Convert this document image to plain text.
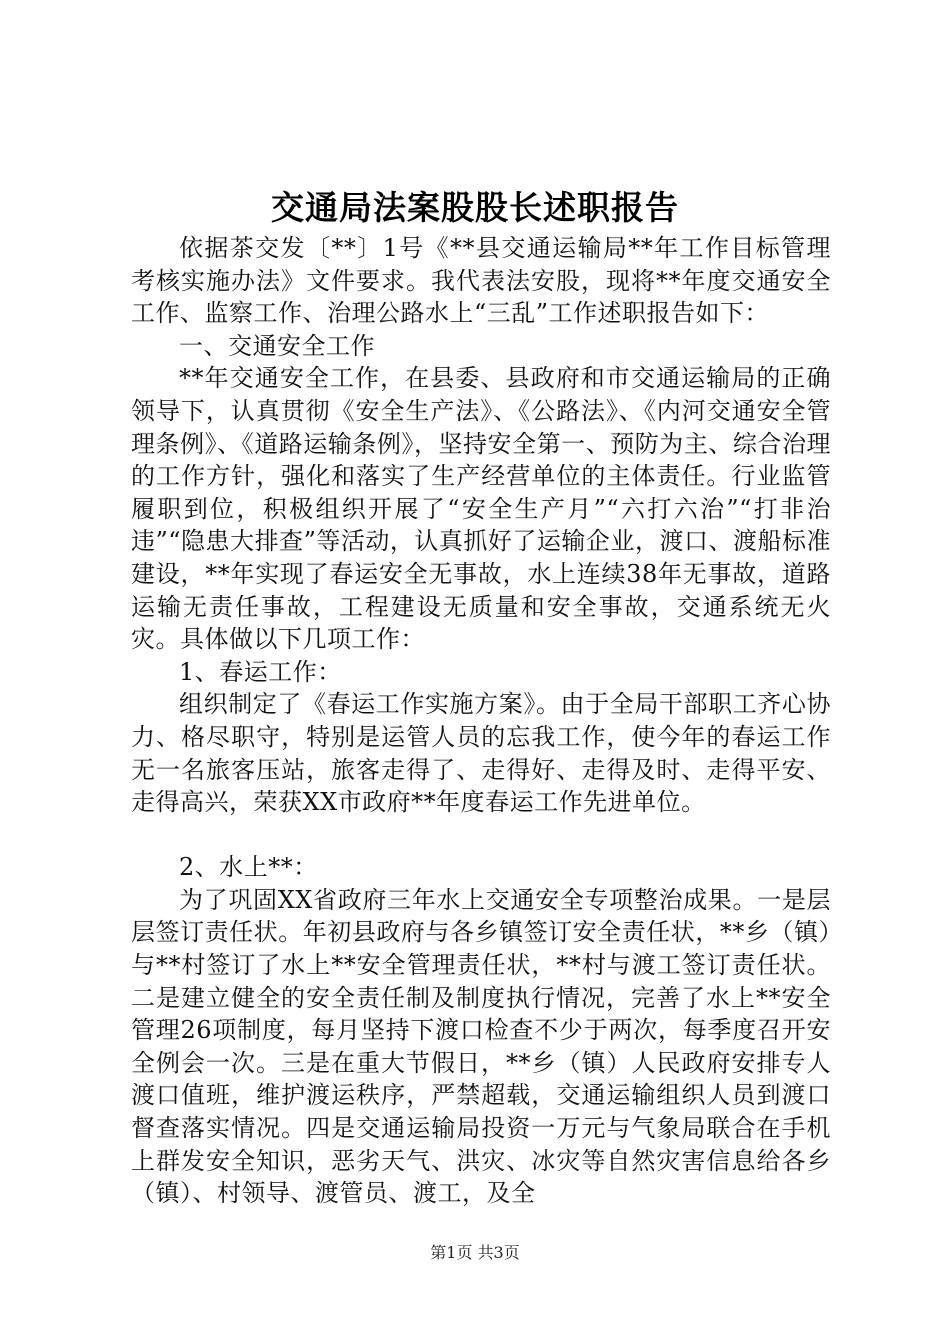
交通局法案股股长述职报告

依据茶交发〔**〕1号《**县交通运输局**年工作目标管理考核实施办法》文件要求。我代表法安股，现将**年度交通安全工作、监察工作、治理公路水上“三乱”工作述职报告如下：

一、交通安全工作

**年交通安全工作，在县委、县政府和市交通运输局的正确领导下，认真贯彻《安全生产法》、《公路法》、《内河交通安全管理条例》、《道路运输条例》，坚持安全第一、预防为主、综合治理的工作方针，强化和落实了生产经营单位的主体责任。行业监管履职到位，积极组织开展了“安全生产月”“六打六治”“打非治违”“隐患大排查”等活动，认真抓好了运输企业，渡口、渡船标准建设，**年实现了春运安全无事故，水上连续38年无事故，道路运输无责任事故，工程建设无质量和安全事故，交通系统无火灾。具体做以下几项工作：

1、春运工作：

组织制定了《春运工作实施方案》。由于全局干部职工齐心协力、格尽职守，特别是运管人员的忘我工作，使今年的春运工作无一名旅客压站，旅客走得了、走得好、走得及时、走得平安、走得高兴，荣获XX市政府**年度春运工作先进单位。

2、水上**：

为了巩固XX省政府三年水上交通安全专项整治成果。一是层层签订责任状。年初县政府与各乡镇签订安全责任状，**乡（镇）与**村签订了水上**安全管理责任状，**村与渡工签订责任状。二是建立健全的安全责任制及制度执行情况，完善了水上**安全管理26项制度，每月坚持下渡口检查不少于两次，每季度召开安全例会一次。三是在重大节假日，**乡（镇）人民政府安排专人渡口值班，维护渡运秩序，严禁超载，交通运输组织人员到渡口督查落实情况。四是交通运输局投资一万元与气象局联合在手机上群发安全知识，恶劣天气、洪灾、冰灾等自然灾害信息给各乡（镇）、村领导、渡管员、渡工，及全

第1页 共3页
